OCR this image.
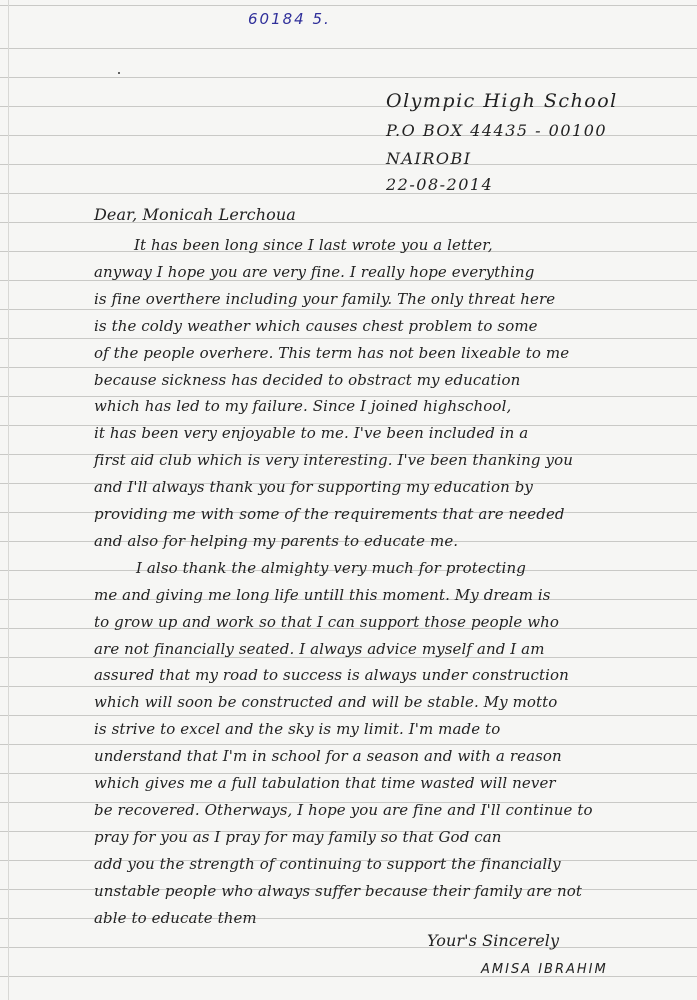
60184 5.
Olympic High School
P.O BOX 44435 - 00100
NAIROBI
22-08-2014
Dear, Monicah Lerchoua
It has been long since I last wrote you a letter,
anyway I hope you are very fine. I really hope everything
is fine overthere including your family. The only threat here
is the coldy weather which causes chest problem to some
of the people overhere. This term has not been lixeable to me
because sickness has decided to obstract my education
which has led to my failure. Since I joined highschool,
it has been very enjoyable to me. I've been included in a
first aid club which is very interesting. I've been thanking you
and I'll always thank you for supporting my education by
providing me with some of the requirements that are needed
and also for helping my parents to educate me.
I also thank the almighty very much for protecting
me and giving me long life untill this moment. My dream is
to grow up and work so that I can support those people who
are not financially seated. I always advice myself and I am
assured that my road to success is always under construction
which will soon be constructed and will be stable. My motto
is strive to excel and the sky is my limit. I'm made to
understand that I'm in school for a season and with a reason
which gives me a full tabulation that time wasted will never
be recovered. Otherways, I hope you are fine and I'll continue to
pray for you as I pray for may family so that God can
add you the strength of continuing to support the financially
unstable people who always suffer because their family are not
able to educate them
Your's Sincerely
AMISA IBRAHIM
